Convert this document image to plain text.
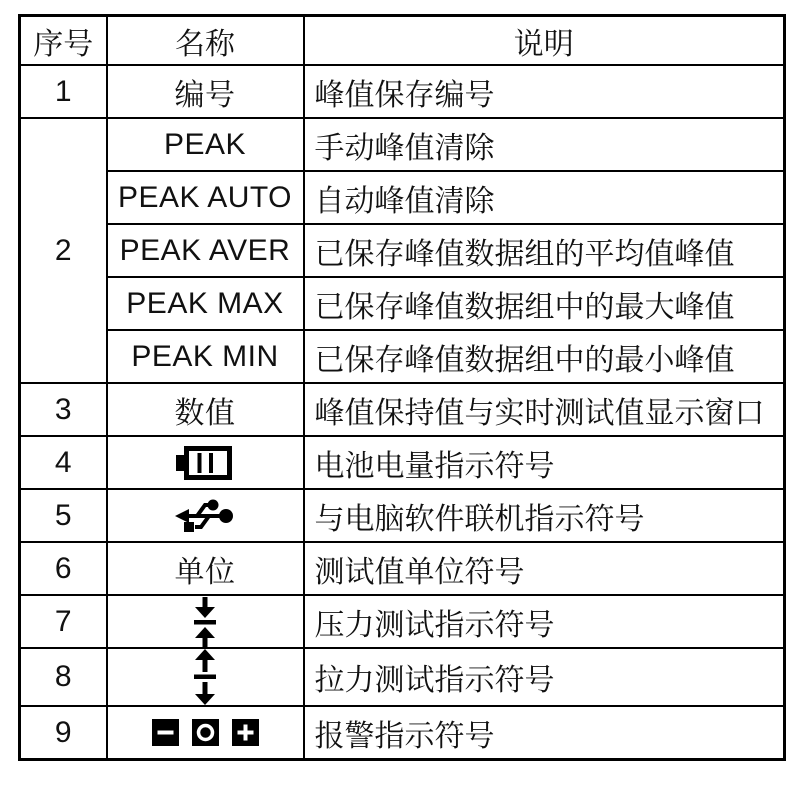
序号	名称	说明
1	编号	峰值保存编号
2	PEAK	手动峰值清除
	PEAK AUTO	自动峰值清除
	PEAK AVER	已保存峰值数据组的平均值峰值
	PEAK MAX	已保存峰值数据组中的最大峰值
	PEAK MIN	已保存峰值数据组中的最小峰值
3	数值	峰值保持值与实时测试值显示窗口
4		电池电量指示符号
5		与电脑软件联机指示符号
6	单位	测试值单位符号
7		压力测试指示符号
8		拉力测试指示符号
9		报警指示符号
